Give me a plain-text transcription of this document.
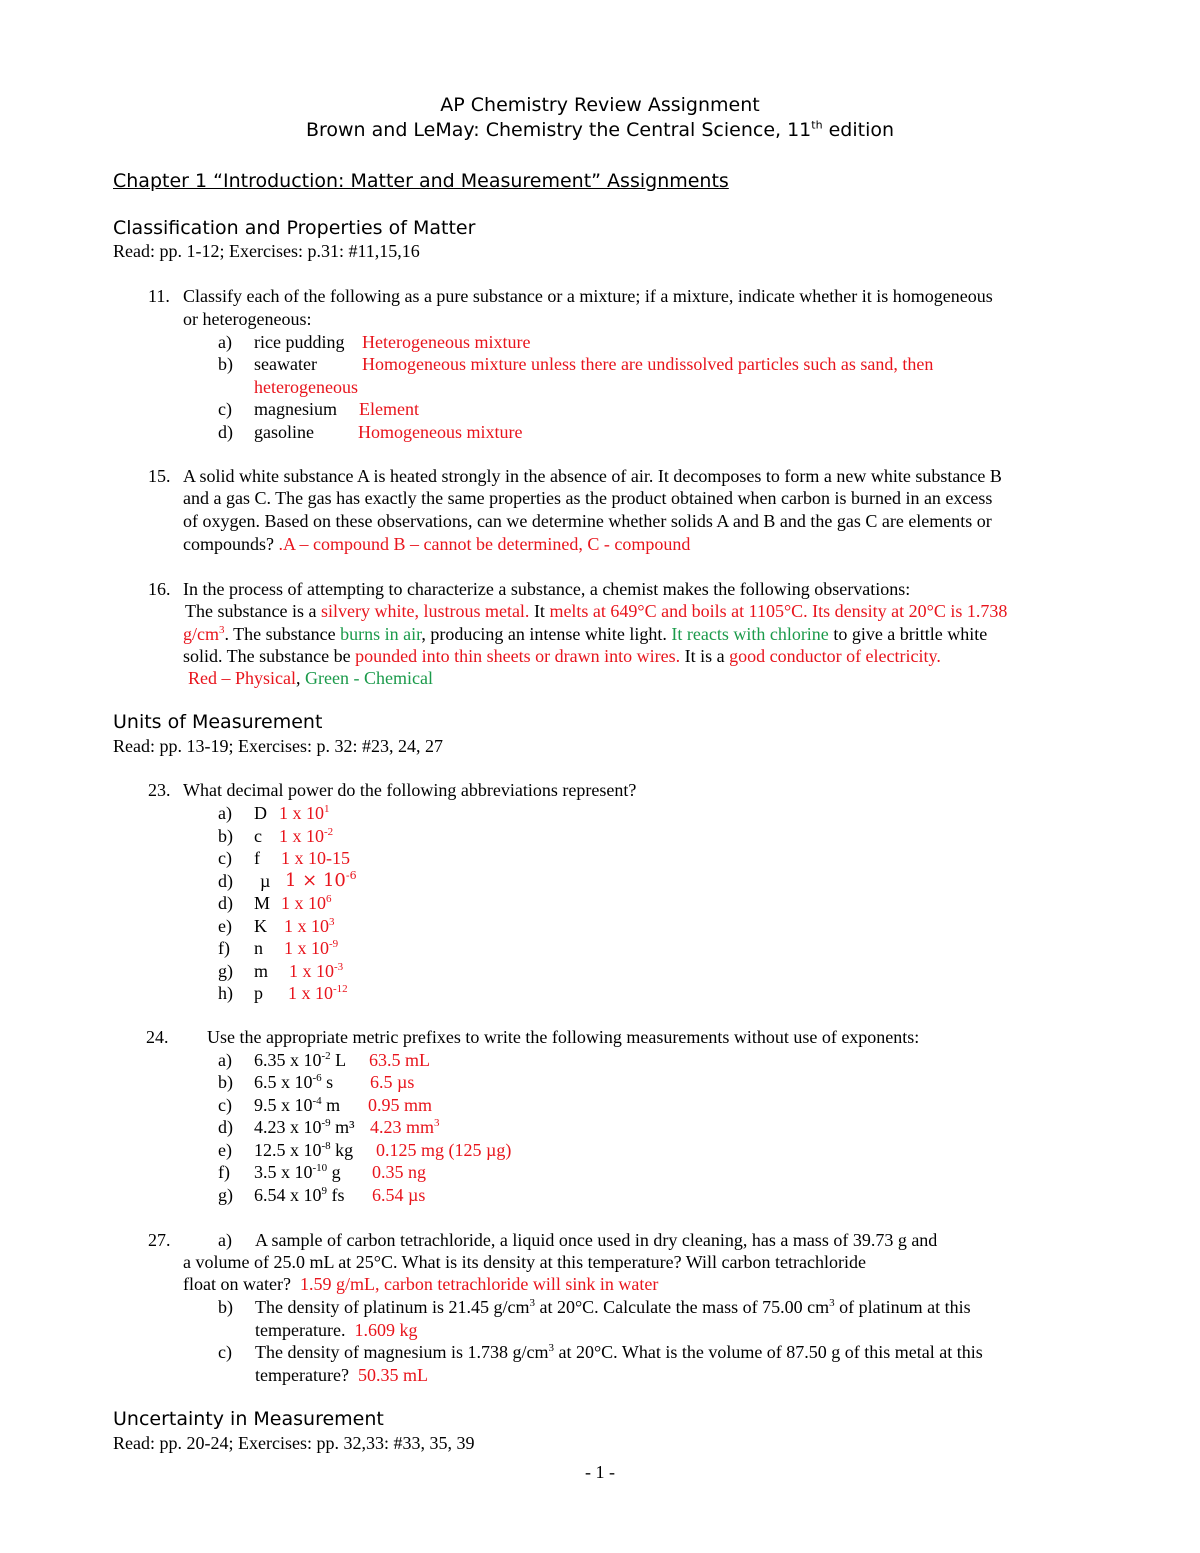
AP Chemistry Review Assignment
Brown and LeMay: Chemistry the Central Science, 11th edition
Chapter 1 “Introduction: Matter and Measurement” Assignments
Classification and Properties of Matter
Read: pp. 1-12; Exercises: p.31: #11,15,16
11. Classify each of the following as a pure substance or a mixture; if a mixture, indicate whether it is homogeneous
or heterogeneous:
a) rice pudding Heterogeneous mixture
b) seawater	Homogeneous mixture unless there are undissolved particles such as sand, then
heterogeneous
c) magnesium Element
d) gasoline Homogeneous mixture
15. A solid white substance A is heated strongly in the absence of air. It decomposes to form a new white substance B
and a gas C. The gas has exactly the same properties as the product obtained when carbon is burned in an excess
of oxygen. Based on these observations, can we determine whether solids A and B and the gas C are elements or
compounds? .A – compound B – cannot be determined, C - compound
16. In the process of attempting to characterize a substance, a chemist makes the following observations:
The substance is a silvery white, lustrous metal. It melts at 649°C and boils at 1105°C. Its density at 20°C is 1.738
$g/cm^3$. The substance burns in air, producing an intense white light. It reacts with chlorine to give a brittle white
solid. The substance be pounded into thin sheets or drawn into wires. It is a good conductor of electricity.
Red – Physical, Green - Chemical
Units of Measurement
Read: pp. 13-19; Exercises: p. 32: #23, 24, 27
23. What decimal power do the following abbreviations represent?
a) D 1 x $10^1$
b) c 1 x $10^{-2}$
c) f 1 x 10-15
d) µ $1 \times 10^{-6}$
d) M 1 x $10^6$
e) K 1 x $10^3$
f) n 1 x $10^{-9}$
g) m 1 x $10^{-3}$
h) p 1 x $10^{-12}$
24. Use the appropriate metric prefixes to write the following measurements without use of exponents:
a) 6.35 x $10^{-2}$ L 63.5 mL
b) 6.5 x $10^{-6}$ s 6.5 µs
c) 9.5 x $10^{-4}$ m 0.95 mm
d) 4.23 x $10^{-9}$ m³ 4.23 $mm^3$
e) 12.5 x $10^{-8}$ kg 0.125 mg (125 µg)
f) 3.5 x $10^{-10}$ g 0.35 ng
g) 6.54 x $10^9$ fs 6.54 µs
27.	a) A sample of carbon tetrachloride, a liquid once used in dry cleaning, has a mass of 39.73 g and
a volume of 25.0 mL at 25°C. What is its density at this temperature? Will carbon tetrachloride
float on water? 1.59 g/mL, carbon tetrachloride will sink in water
b) The density of platinum is 21.45 $g/cm^3$ at 20°C. Calculate the mass of 75.00 $cm^3$ of platinum at this
temperature. 1.609 kg
c) The density of magnesium is 1.738 $g/cm^3$ at 20°C. What is the volume of 87.50 g of this metal at this
temperature? 50.35 mL
Uncertainty in Measurement
Read: pp. 20-24; Exercises: pp. 32,33: #33, 35, 39
- 1 -
